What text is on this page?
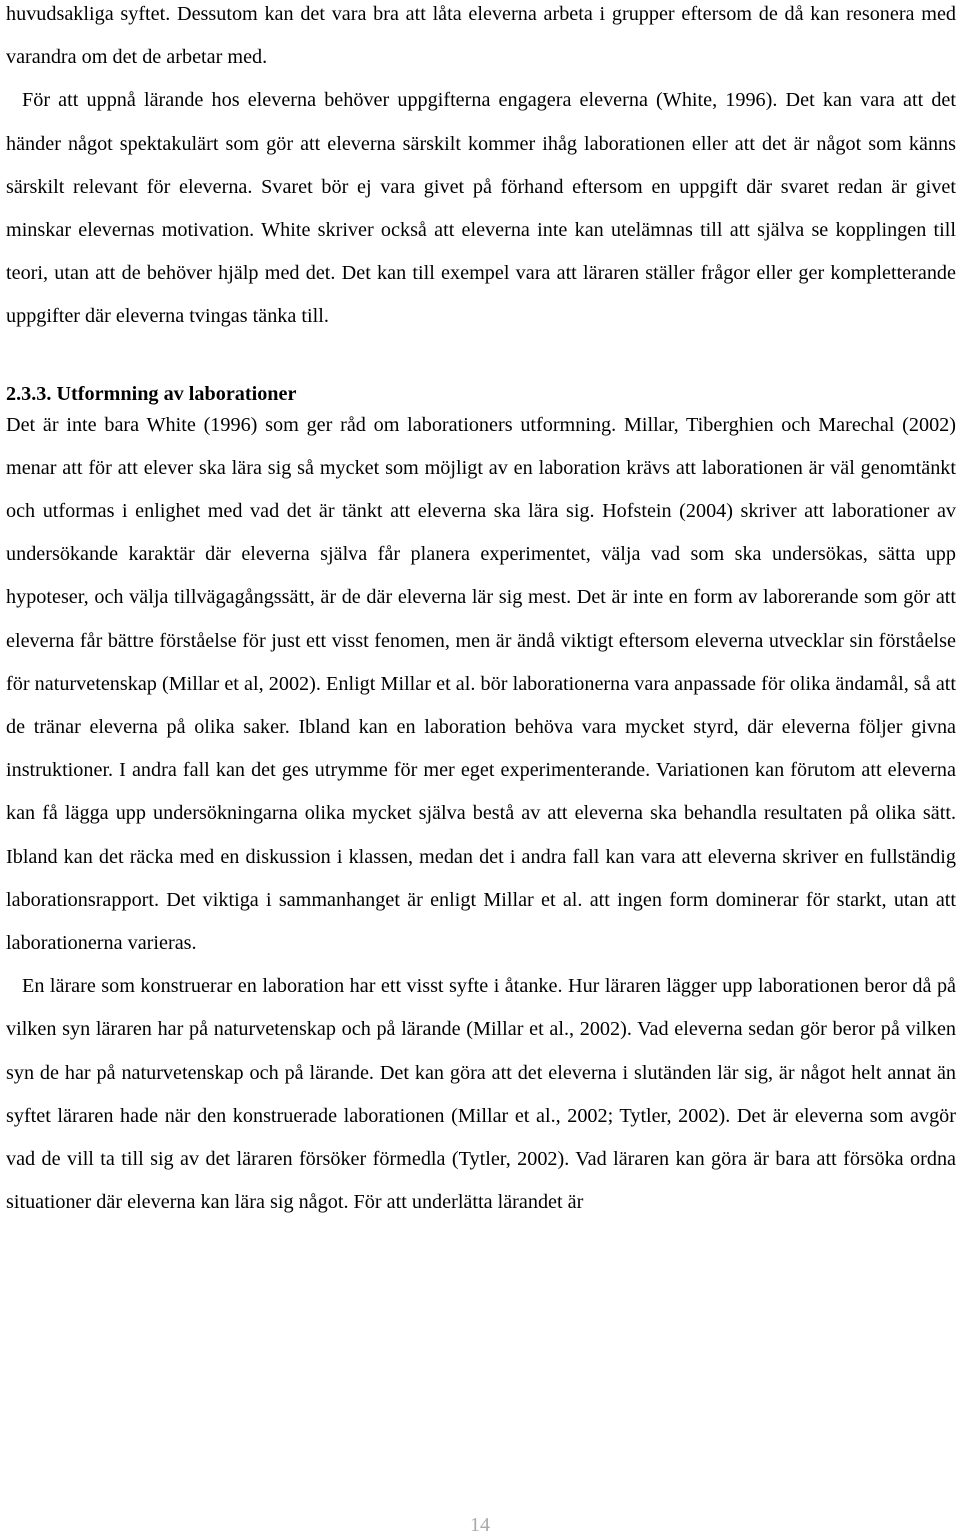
huvudsakliga syftet. Dessutom kan det vara bra att låta eleverna arbeta i grupper eftersom de då kan resonera med varandra om det de arbetar med.

För att uppnå lärande hos eleverna behöver uppgifterna engagera eleverna (White, 1996). Det kan vara att det händer något spektakulärt som gör att eleverna särskilt kommer ihåg laborationen eller att det är något som känns särskilt relevant för eleverna. Svaret bör ej vara givet på förhand eftersom en uppgift där svaret redan är givet minskar elevernas motivation. White skriver också att eleverna inte kan utelämnas till att själva se kopplingen till teori, utan att de behöver hjälp med det. Det kan till exempel vara att läraren ställer frågor eller ger kompletterande uppgifter där eleverna tvingas tänka till.

2.3.3. Utformning av laborationer

Det är inte bara White (1996) som ger råd om laborationers utformning. Millar, Tiberghien och Marechal (2002) menar att för att elever ska lära sig så mycket som möjligt av en laboration krävs att laborationen är väl genomtänkt och utformas i enlighet med vad det är tänkt att eleverna ska lära sig. Hofstein (2004) skriver att laborationer av undersökande karaktär där eleverna själva får planera experimentet, välja vad som ska undersökas, sätta upp hypoteser, och välja tillvägagångssätt, är de där eleverna lär sig mest. Det är inte en form av laborerande som gör att eleverna får bättre förståelse för just ett visst fenomen, men är ändå viktigt eftersom eleverna utvecklar sin förståelse för naturvetenskap (Millar et al, 2002). Enligt Millar et al. bör laborationerna vara anpassade för olika ändamål, så att de tränar eleverna på olika saker. Ibland kan en laboration behöva vara mycket styrd, där eleverna följer givna instruktioner. I andra fall kan det ges utrymme för mer eget experimenterande. Variationen kan förutom att eleverna kan få lägga upp undersökningarna olika mycket själva bestå av att eleverna ska behandla resultaten på olika sätt. Ibland kan det räcka med en diskussion i klassen, medan det i andra fall kan vara att eleverna skriver en fullständig laborationsrapport. Det viktiga i sammanhanget är enligt Millar et al. att ingen form dominerar för starkt, utan att laborationerna varieras.

En lärare som konstruerar en laboration har ett visst syfte i åtanke. Hur läraren lägger upp laborationen beror då på vilken syn läraren har på naturvetenskap och på lärande (Millar et al., 2002). Vad eleverna sedan gör beror på vilken syn de har på naturvetenskap och på lärande. Det kan göra att det eleverna i slutänden lär sig, är något helt annat än syftet läraren hade när den konstruerade laborationen (Millar et al., 2002; Tytler, 2002). Det är eleverna som avgör vad de vill ta till sig av det läraren försöker förmedla (Tytler, 2002). Vad läraren kan göra är bara att försöka ordna situationer där eleverna kan lära sig något. För att underlätta lärandet är

14
